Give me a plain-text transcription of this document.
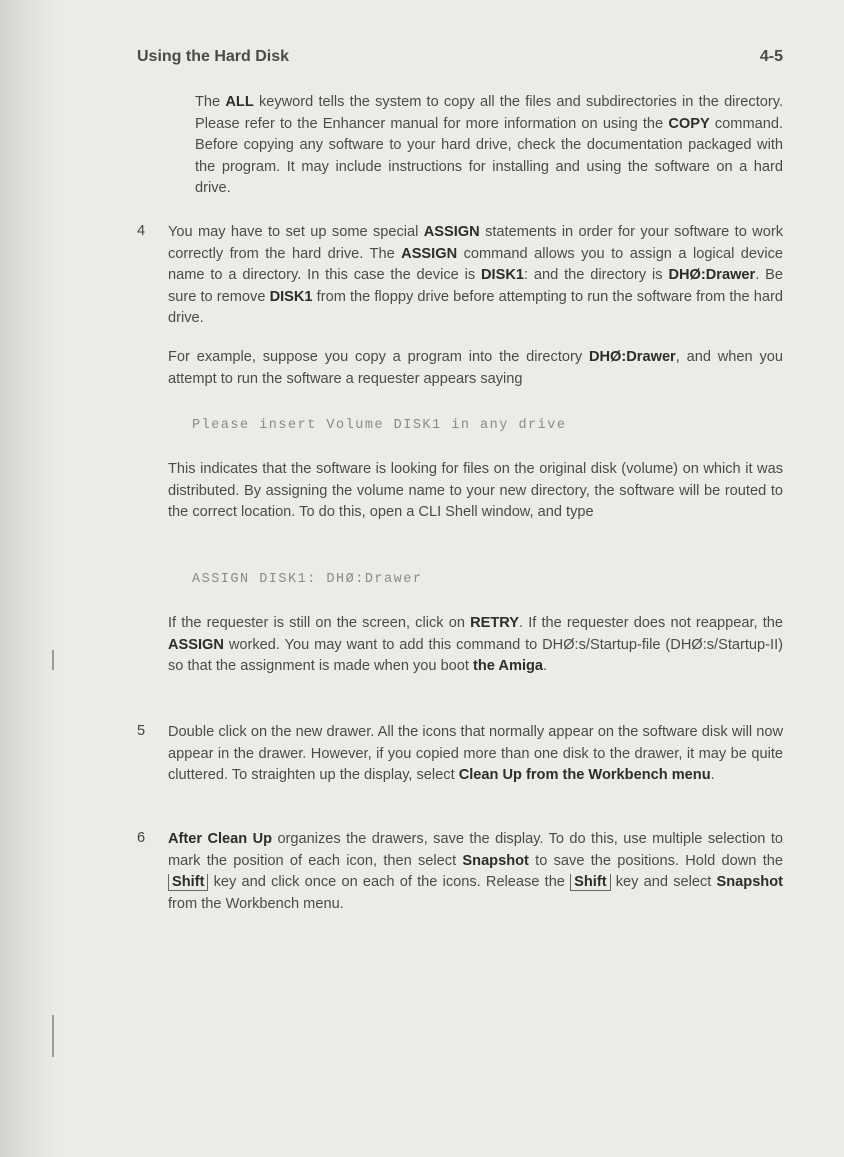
Using the Hard Disk	4-5
The ALL keyword tells the system to copy all the files and subdirectories in the directory. Please refer to the Enhancer manual for more information on using the COPY command. Before copying any software to your hard drive, check the documentation packaged with the program. It may include instructions for installing and using the software on a hard drive.
4 You may have to set up some special ASSIGN statements in order for your software to work correctly from the hard drive. The ASSIGN command allows you to assign a logical device name to a directory. In this case the device is DISK1: and the directory is DHØ:Drawer. Be sure to remove DISK1 from the floppy drive before attempting to run the software from the hard drive.
For example, suppose you copy a program into the directory DHØ:Drawer, and when you attempt to run the software a requester appears saying
Please insert Volume DISK1 in any drive
This indicates that the software is looking for files on the original disk (volume) on which it was distributed. By assigning the volume name to your new directory, the software will be routed to the correct location. To do this, open a CLI Shell window, and type
ASSIGN DISK1: DHØ:Drawer
If the requester is still on the screen, click on RETRY. If the requester does not reappear, the ASSIGN worked. You may want to add this command to DHØ:s/Startup-file (DHØ:s/Startup-II) so that the assignment is made when you boot the Amiga.
5 Double click on the new drawer. All the icons that normally appear on the software disk will now appear in the drawer. However, if you copied more than one disk to the drawer, it may be quite cluttered. To straighten up the display, select Clean Up from the Workbench menu.
6 After Clean Up organizes the drawers, save the display. To do this, use multiple selection to mark the position of each icon, then select Snapshot to save the positions. Hold down the Shift key and click once on each of the icons. Release the Shift key and select Snapshot from the Workbench menu.
